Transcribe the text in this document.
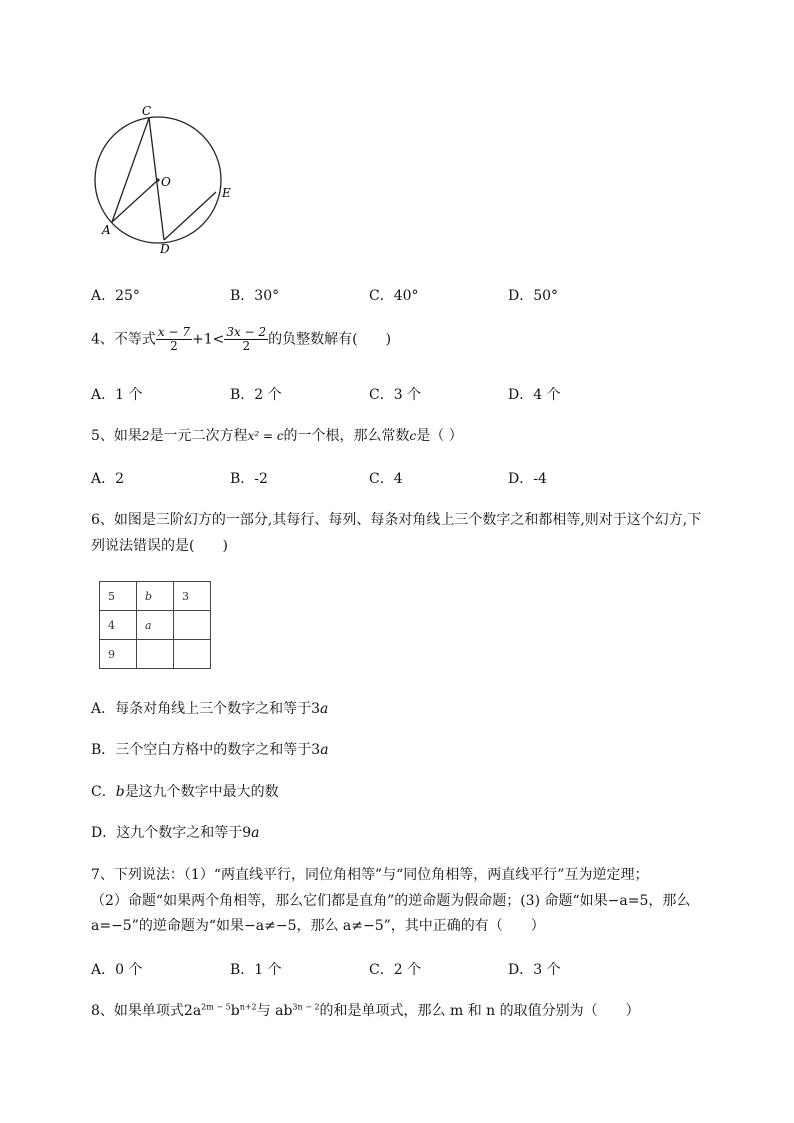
C
O
E
A
D
A．25°	B．30°	C．40°	D．50°
4、不等式 $\frac{x - 7}{2} +1< \frac{3x - 2}{2}$ 的负整数解有(　　)
A．1 个	B．2 个	C．3 个	D．4 个
5、如果2是一元二次方程x² = c的一个根，那么常数c是（ ）
A．2	B．-2	C．4	D．-4
6、如图是三阶幻方的一部分,其每行、每列、每条对角线上三个数字之和都相等,则对于这个幻方,下
列说法错误的是(　　)
5	b	3
4	a	
9		
A．每条对角线上三个数字之和等于3a
B．三个空白方格中的数字之和等于3a
C．b是这九个数字中最大的数
D．这九个数字之和等于9a
7、下列说法：（1）“两直线平行，同位角相等”与“同位角相等，两直线平行”互为逆定理；
（2）命题“如果两个角相等，那么它们都是直角”的逆命题为假命题；(3) 命题“如果−a=5，那么
a=−5”的逆命题为“如果−a≠−5，那么 a≠−5”，其中正确的有（　　）
A．0 个	B．1 个	C．2 个	D．3 个
8、如果单项式$2a^{2m - 5}b^{n+2}$与 $ab^{3n - 2}$的和是单项式，那么 m 和 n 的取值分别为（　　）
